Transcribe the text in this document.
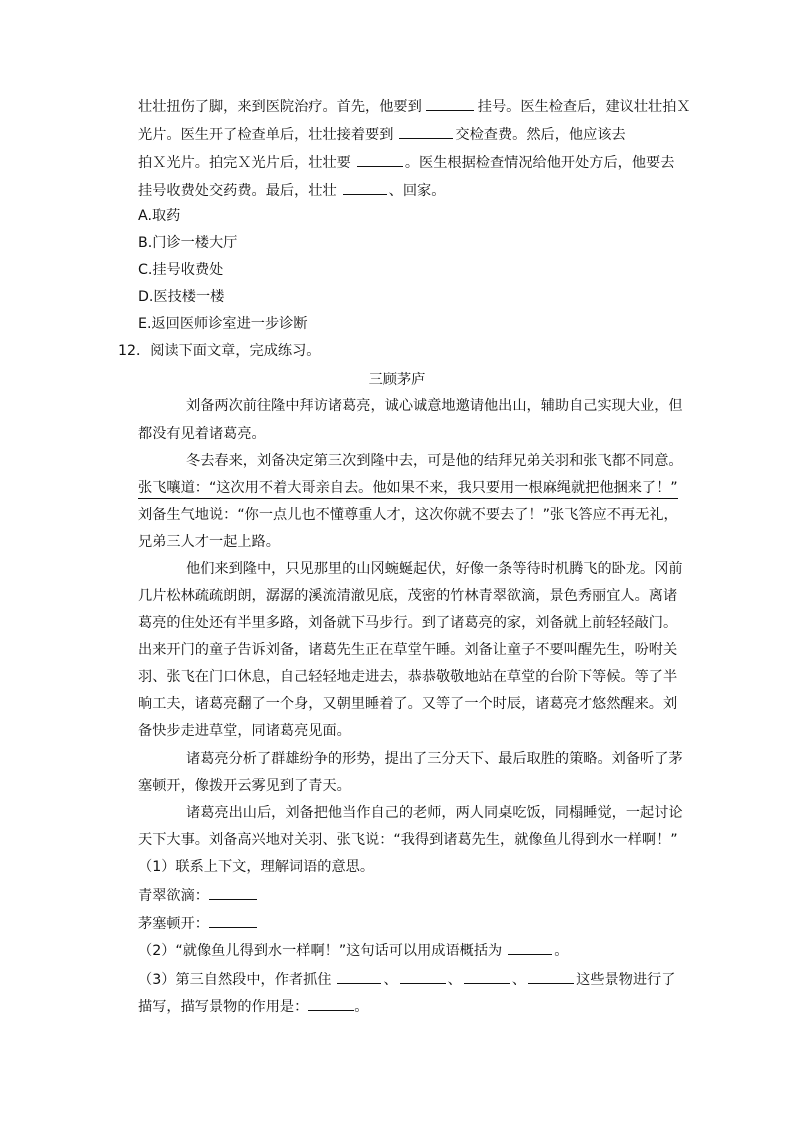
壮壮扭伤了脚，来到医院治疗。首先，他要到	挂号。医生检查后，建议壮壮拍Ｘ
光片。医生开了检查单后，壮壮接着要到	交检查费。然后，他应该去
拍Ｘ光片。拍完Ｘ光片后，壮壮要	。医生根据检查情况给他开处方后，他要去
挂号收费处交药费。最后，壮壮	、回家。
A.取药
B.门诊一楼大厅
C.挂号收费处
D.医技楼一楼
E.返回医师诊室进一步诊断
12．阅读下面文章，完成练习。
三顾茅庐
刘备两次前往隆中拜访诸葛亮，诚心诚意地邀请他出山，辅助自己实现大业，但
都没有见着诸葛亮。
冬去春来，刘备决定第三次到隆中去，可是他的结拜兄弟关羽和张飞都不同意。
张飞嚷道：“这次用不着大哥亲自去。他如果不来，我只要用一根麻绳就把他捆来了！”
刘备生气地说：“你一点儿也不懂尊重人才，这次你就不要去了！”张飞答应不再无礼，
兄弟三人才一起上路。
他们来到隆中，只见那里的山冈蜿蜒起伏，好像一条等待时机腾飞的卧龙。冈前
几片松林疏疏朗朗，潺潺的溪流清澈见底，茂密的竹林青翠欲滴，景色秀丽宜人。离诸
葛亮的住处还有半里多路，刘备就下马步行。到了诸葛亮的家，刘备就上前轻轻敲门。
出来开门的童子告诉刘备，诸葛先生正在草堂午睡。刘备让童子不要叫醒先生，吩咐关
羽、张飞在门口休息，自己轻轻地走进去，恭恭敬敬地站在草堂的台阶下等候。等了半
晌工夫，诸葛亮翻了一个身，又朝里睡着了。又等了一个时辰，诸葛亮才悠然醒来。刘
备快步走进草堂，同诸葛亮见面。
诸葛亮分析了群雄纷争的形势，提出了三分天下、最后取胜的策略。刘备听了茅
塞顿开，像拨开云雾见到了青天。
诸葛亮出山后，刘备把他当作自己的老师，两人同桌吃饭，同榻睡觉，一起讨论
天下大事。刘备高兴地对关羽、张飞说：“我得到诸葛先生，就像鱼儿得到水一样啊！”
（1）联系上下文，理解词语的意思。
青翠欲滴：
茅塞顿开：
（2）“就像鱼儿得到水一样啊！”这句话可以用成语概括为	。
（3）第三自然段中，作者抓住	、	、	、	这些景物进行了
描写，描写景物的作用是：	。
